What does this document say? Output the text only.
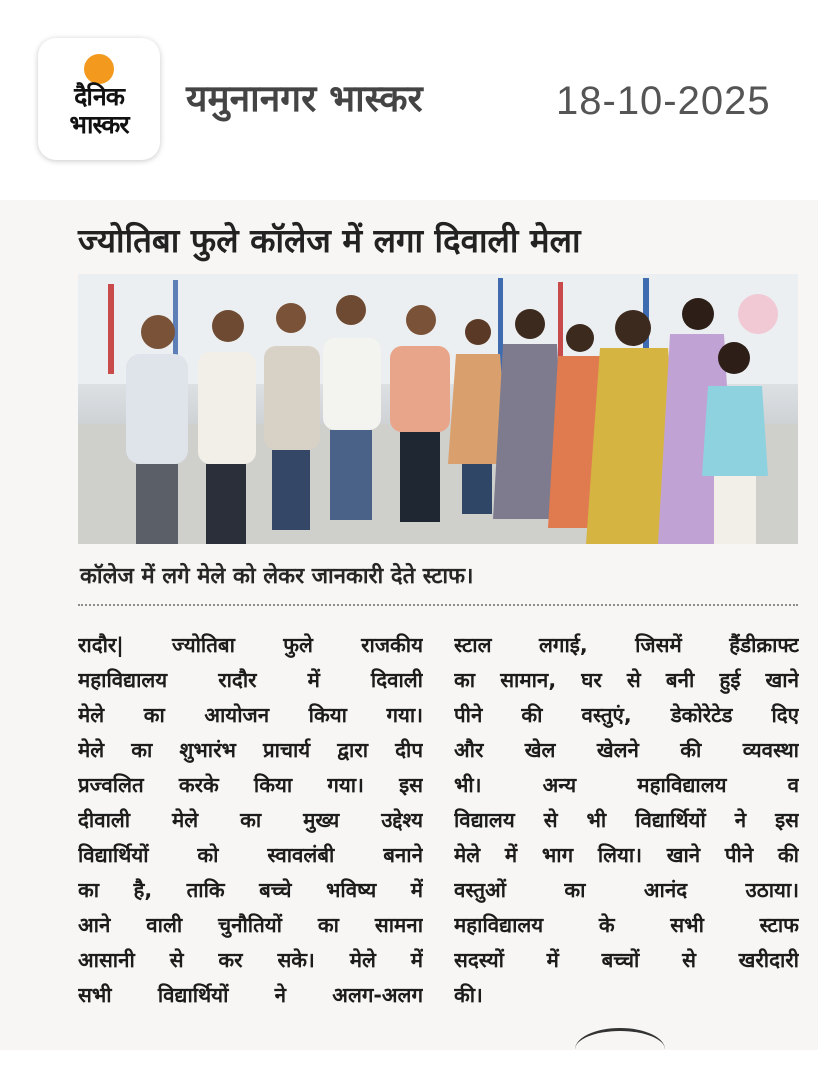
दैनिक
भास्कर
यमुनानगर भास्कर	18-10-2025
ज्योतिबा फुले कॉलेज में लगा दिवाली मेला
कॉलेज में लगे मेले को लेकर जानकारी देते स्टाफ।
रादौर| ज्योतिबा फुले राजकीय
महाविद्यालय रादौर में दिवाली
मेले का आयोजन किया गया।
मेले का शुभारंभ प्राचार्य द्वारा दीप
प्रज्वलित करके किया गया। इस
दीवाली मेले का मुख्य उद्देश्य
विद्यार्थियों को स्वावलंबी बनाने
का है, ताकि बच्चे भविष्य में
आने वाली चुनौतियों का सामना
आसानी से कर सके। मेले में
सभी विद्यार्थियों ने अलग-अलग
स्टाल लगाई, जिसमें हैंडीक्राफ्ट
का सामान, घर से बनी हुई खाने
पीने की वस्तुएं, डेकोरेटेड दिए
और खेल खेलने की व्यवस्था
भी। अन्य महाविद्यालय व
विद्यालय से भी विद्यार्थियों ने इस
मेले में भाग लिया। खाने पीने की
वस्तुओं का आनंद उठाया।
महाविद्यालय के सभी स्टाफ
सदस्यों में बच्चों से खरीदारी
की।
